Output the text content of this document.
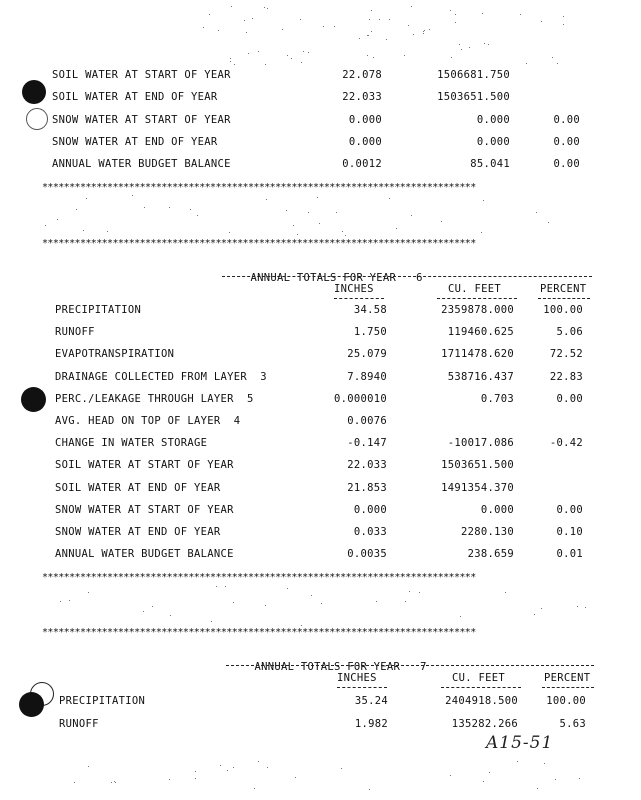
SOIL WATER AT START OF YEAR	22.078	1506681.750
SOIL WATER AT END OF YEAR	22.033	1503651.500
SNOW WATER AT START OF YEAR	0.000	0.000	0.00
SNOW WATER AT END OF YEAR	0.000	0.000	0.00
ANNUAL WATER BUDGET BALANCE	0.0012	85.041	0.00
********************************************************************************
********************************************************************************

ANNUAL TOTALS FOR YEAR 6

INCHES	CU. FEET	PERCENT
PRECIPITATION	34.58	2359878.000	100.00
RUNOFF	1.750	119460.625	5.06
EVAPOTRANSPIRATION	25.079	1711478.620	72.52
DRAINAGE COLLECTED FROM LAYER  3	7.8940	538716.437	22.83
PERC./LEAKAGE THROUGH LAYER  5	0.000010	0.703	0.00
AVG. HEAD ON TOP OF LAYER  4	0.0076
CHANGE IN WATER STORAGE	-0.147	-10017.086	-0.42
SOIL WATER AT START OF YEAR	22.033	1503651.500
SOIL WATER AT END OF YEAR	21.853	1491354.370
SNOW WATER AT START OF YEAR	0.000	0.000	0.00
SNOW WATER AT END OF YEAR	0.033	2280.130	0.10
ANNUAL WATER BUDGET BALANCE	0.0035	238.659	0.01
********************************************************************************
********************************************************************************

ANNUAL TOTALS FOR YEAR 7

INCHES	CU. FEET	PERCENT
PRECIPITATION	35.24	2404918.500	100.00
RUNOFF	1.982	135282.266	5.63
A15-51
